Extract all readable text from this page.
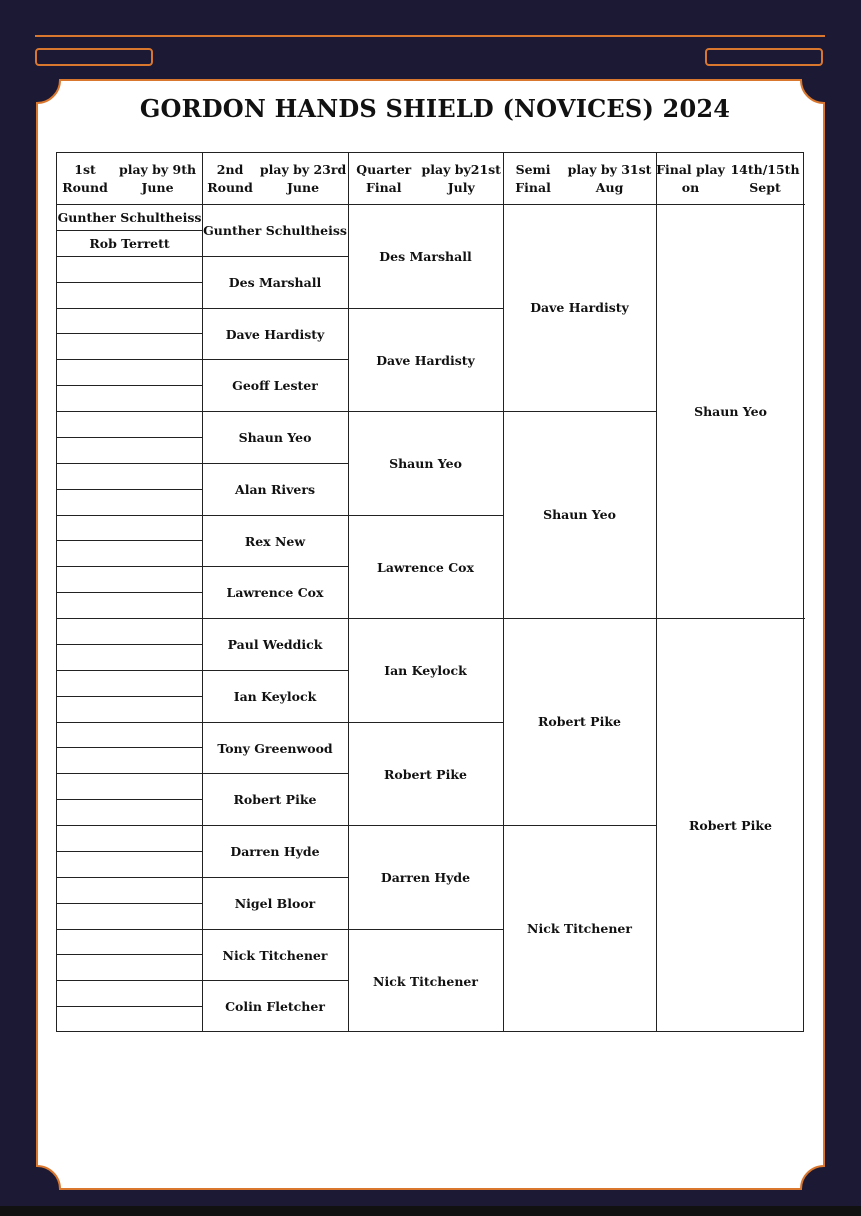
GORDON HANDS SHIELD (NOVICES) 2024
1st Round

play by 9th June
2nd Round

play by 23rd June
Quarter Final

play by21st July
Semi Final

play by 31st Aug
Final play on

14th/15th Sept
Gunther Schultheiss
Rob Terrett
Gunther Schultheiss
Des Marshall
Dave Hardisty
Geoff Lester
Shaun Yeo
Alan Rivers
Rex New
Lawrence Cox
Paul Weddick
Ian Keylock
Tony Greenwood
Robert Pike
Darren Hyde
Nigel Bloor
Nick Titchener
Colin Fletcher
Des Marshall
Dave Hardisty
Shaun Yeo
Lawrence Cox
Ian Keylock
Robert Pike
Darren Hyde
Nick Titchener
Dave Hardisty
Shaun Yeo
Robert Pike
Nick Titchener
Shaun Yeo
Robert Pike
